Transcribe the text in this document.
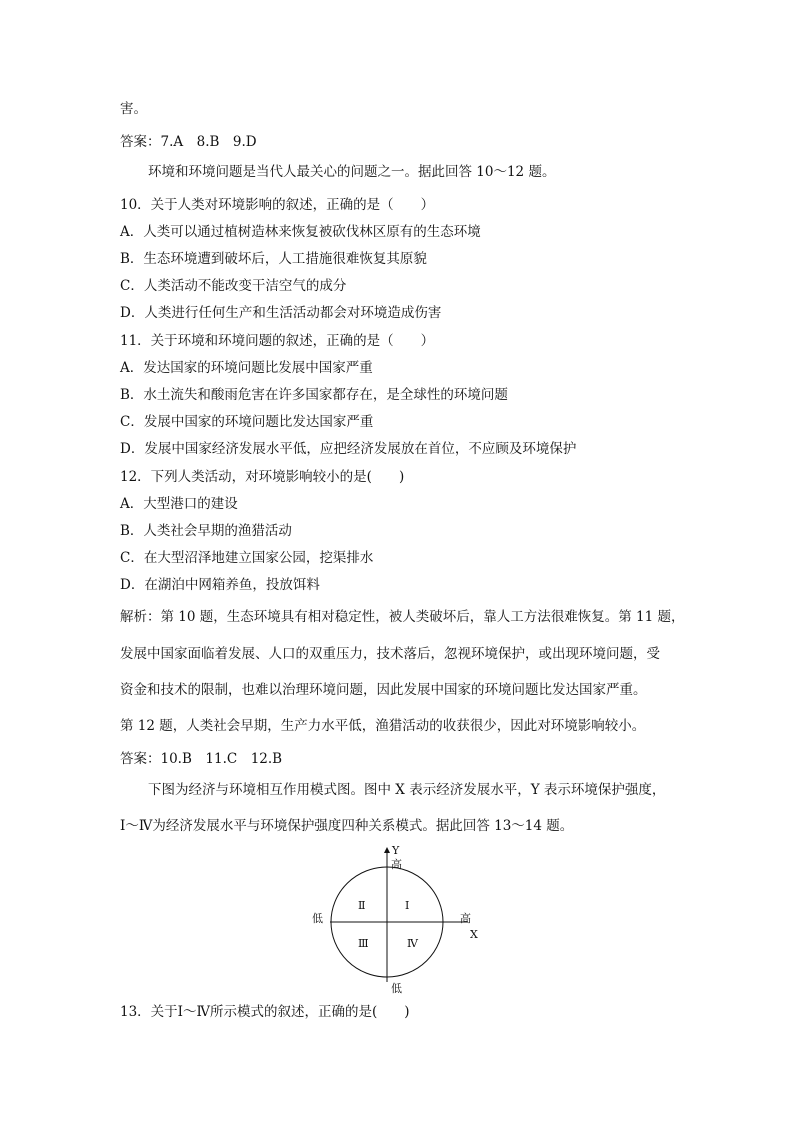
害。
答案：7.A　8.B　9.D
环境和环境问题是当代人最关心的问题之一。据此回答 10～12 题。
10．关于人类对环境影响的叙述，正确的是（　　）
A．人类可以通过植树造林来恢复被砍伐林区原有的生态环境
B．生态环境遭到破坏后，人工措施很难恢复其原貌
C．人类活动不能改变干洁空气的成分
D．人类进行任何生产和生活活动都会对环境造成伤害
11．关于环境和环境问题的叙述，正确的是（　　）
A．发达国家的环境问题比发展中国家严重
B．水土流失和酸雨危害在许多国家都存在，是全球性的环境问题
C．发展中国家的环境问题比发达国家严重
D．发展中国家经济发展水平低，应把经济发展放在首位，不应顾及环境保护
12．下列人类活动，对环境影响较小的是(　　)
A．大型港口的建设
B．人类社会早期的渔猎活动
C．在大型沼泽地建立国家公园，挖渠排水
D．在湖泊中网箱养鱼，投放饵料
解析：第 10 题，生态环境具有相对稳定性，被人类破坏后，靠人工方法很难恢复。第 11 题，
发展中国家面临着发展、人口的双重压力，技术落后，忽视环境保护，或出现环境问题，受
资金和技术的限制，也难以治理环境问题，因此发展中国家的环境问题比发达国家严重。
第 12 题，人类社会早期，生产力水平低，渔猎活动的收获很少，因此对环境影响较小。
答案：10.B　11.C　12.B
下图为经济与环境相互作用模式图。图中 X 表示经济发展水平，Y 表示环境保护强度，
Ⅰ～Ⅳ为经济发展水平与环境保护强度四种关系模式。据此回答 13～14 题。
Y
高
低	高
X
低
Ⅰ
Ⅱ
Ⅲ	Ⅳ
13．关于Ⅰ～Ⅳ所示模式的叙述，正确的是(　　)
